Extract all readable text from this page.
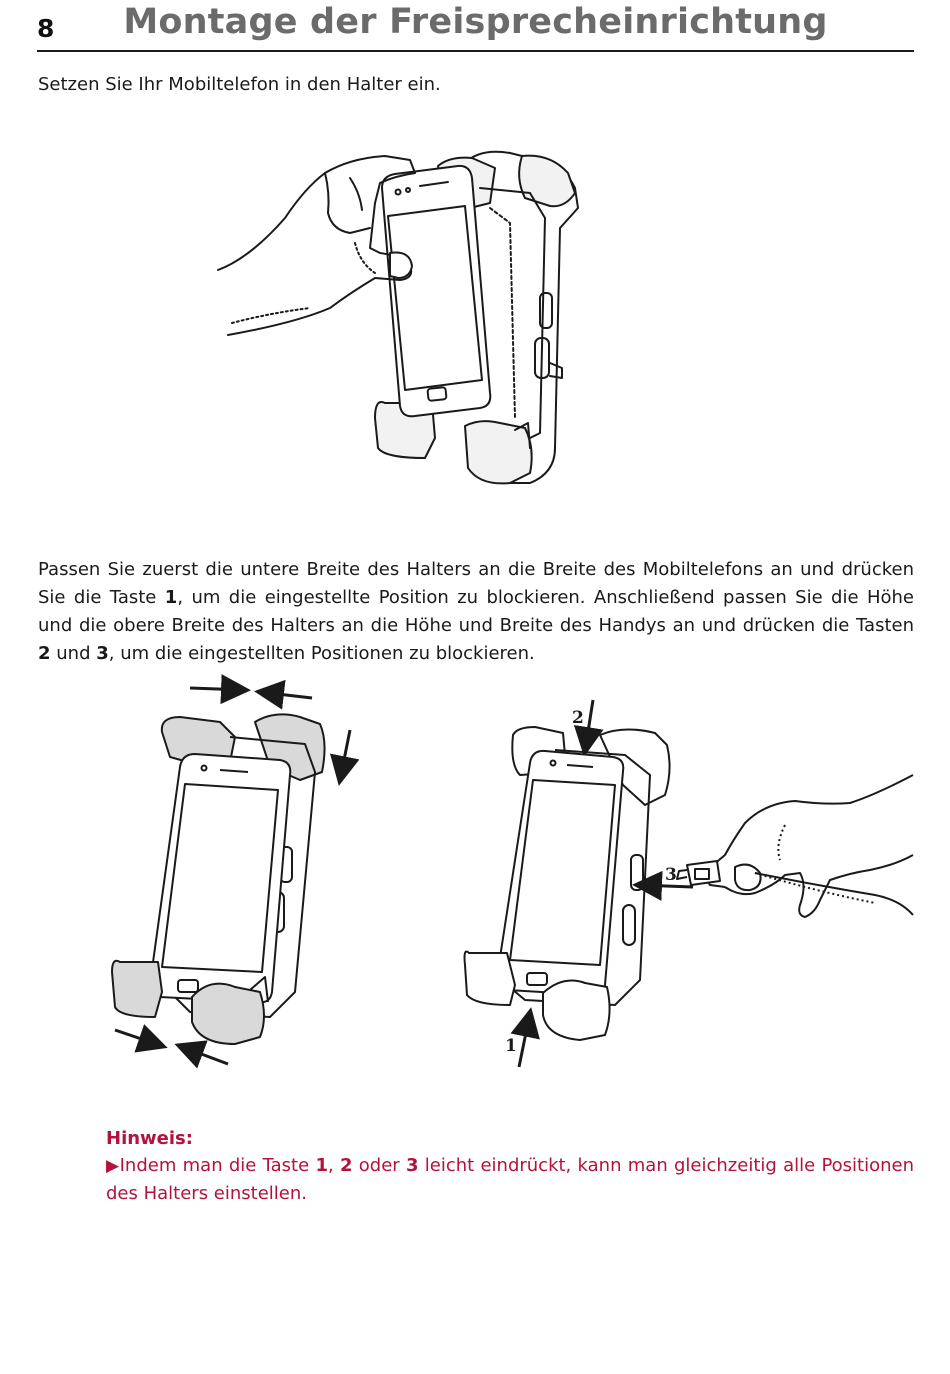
8	Montage der Freisprecheinrichtung
Setzen Sie Ihr Mobiltelefon in den Halter ein.

Passen Sie zuerst die untere Breite des Halters an die Breite des Mobiltelefons an und drücken Sie die Taste 1, um die eingestellte Position zu blockieren. Anschließend passen Sie die Höhe und die obere Breite des Halters an die Höhe und Breite des Handys an und drücken die Tasten 2 und 3, um die eingestellten Positionen zu blockieren.

2
1
3
Hinweis:
▶Indem man die Taste 1, 2 oder 3 leicht eindrückt, kann man gleichzeitig alle Positionen des Halters einstellen.
